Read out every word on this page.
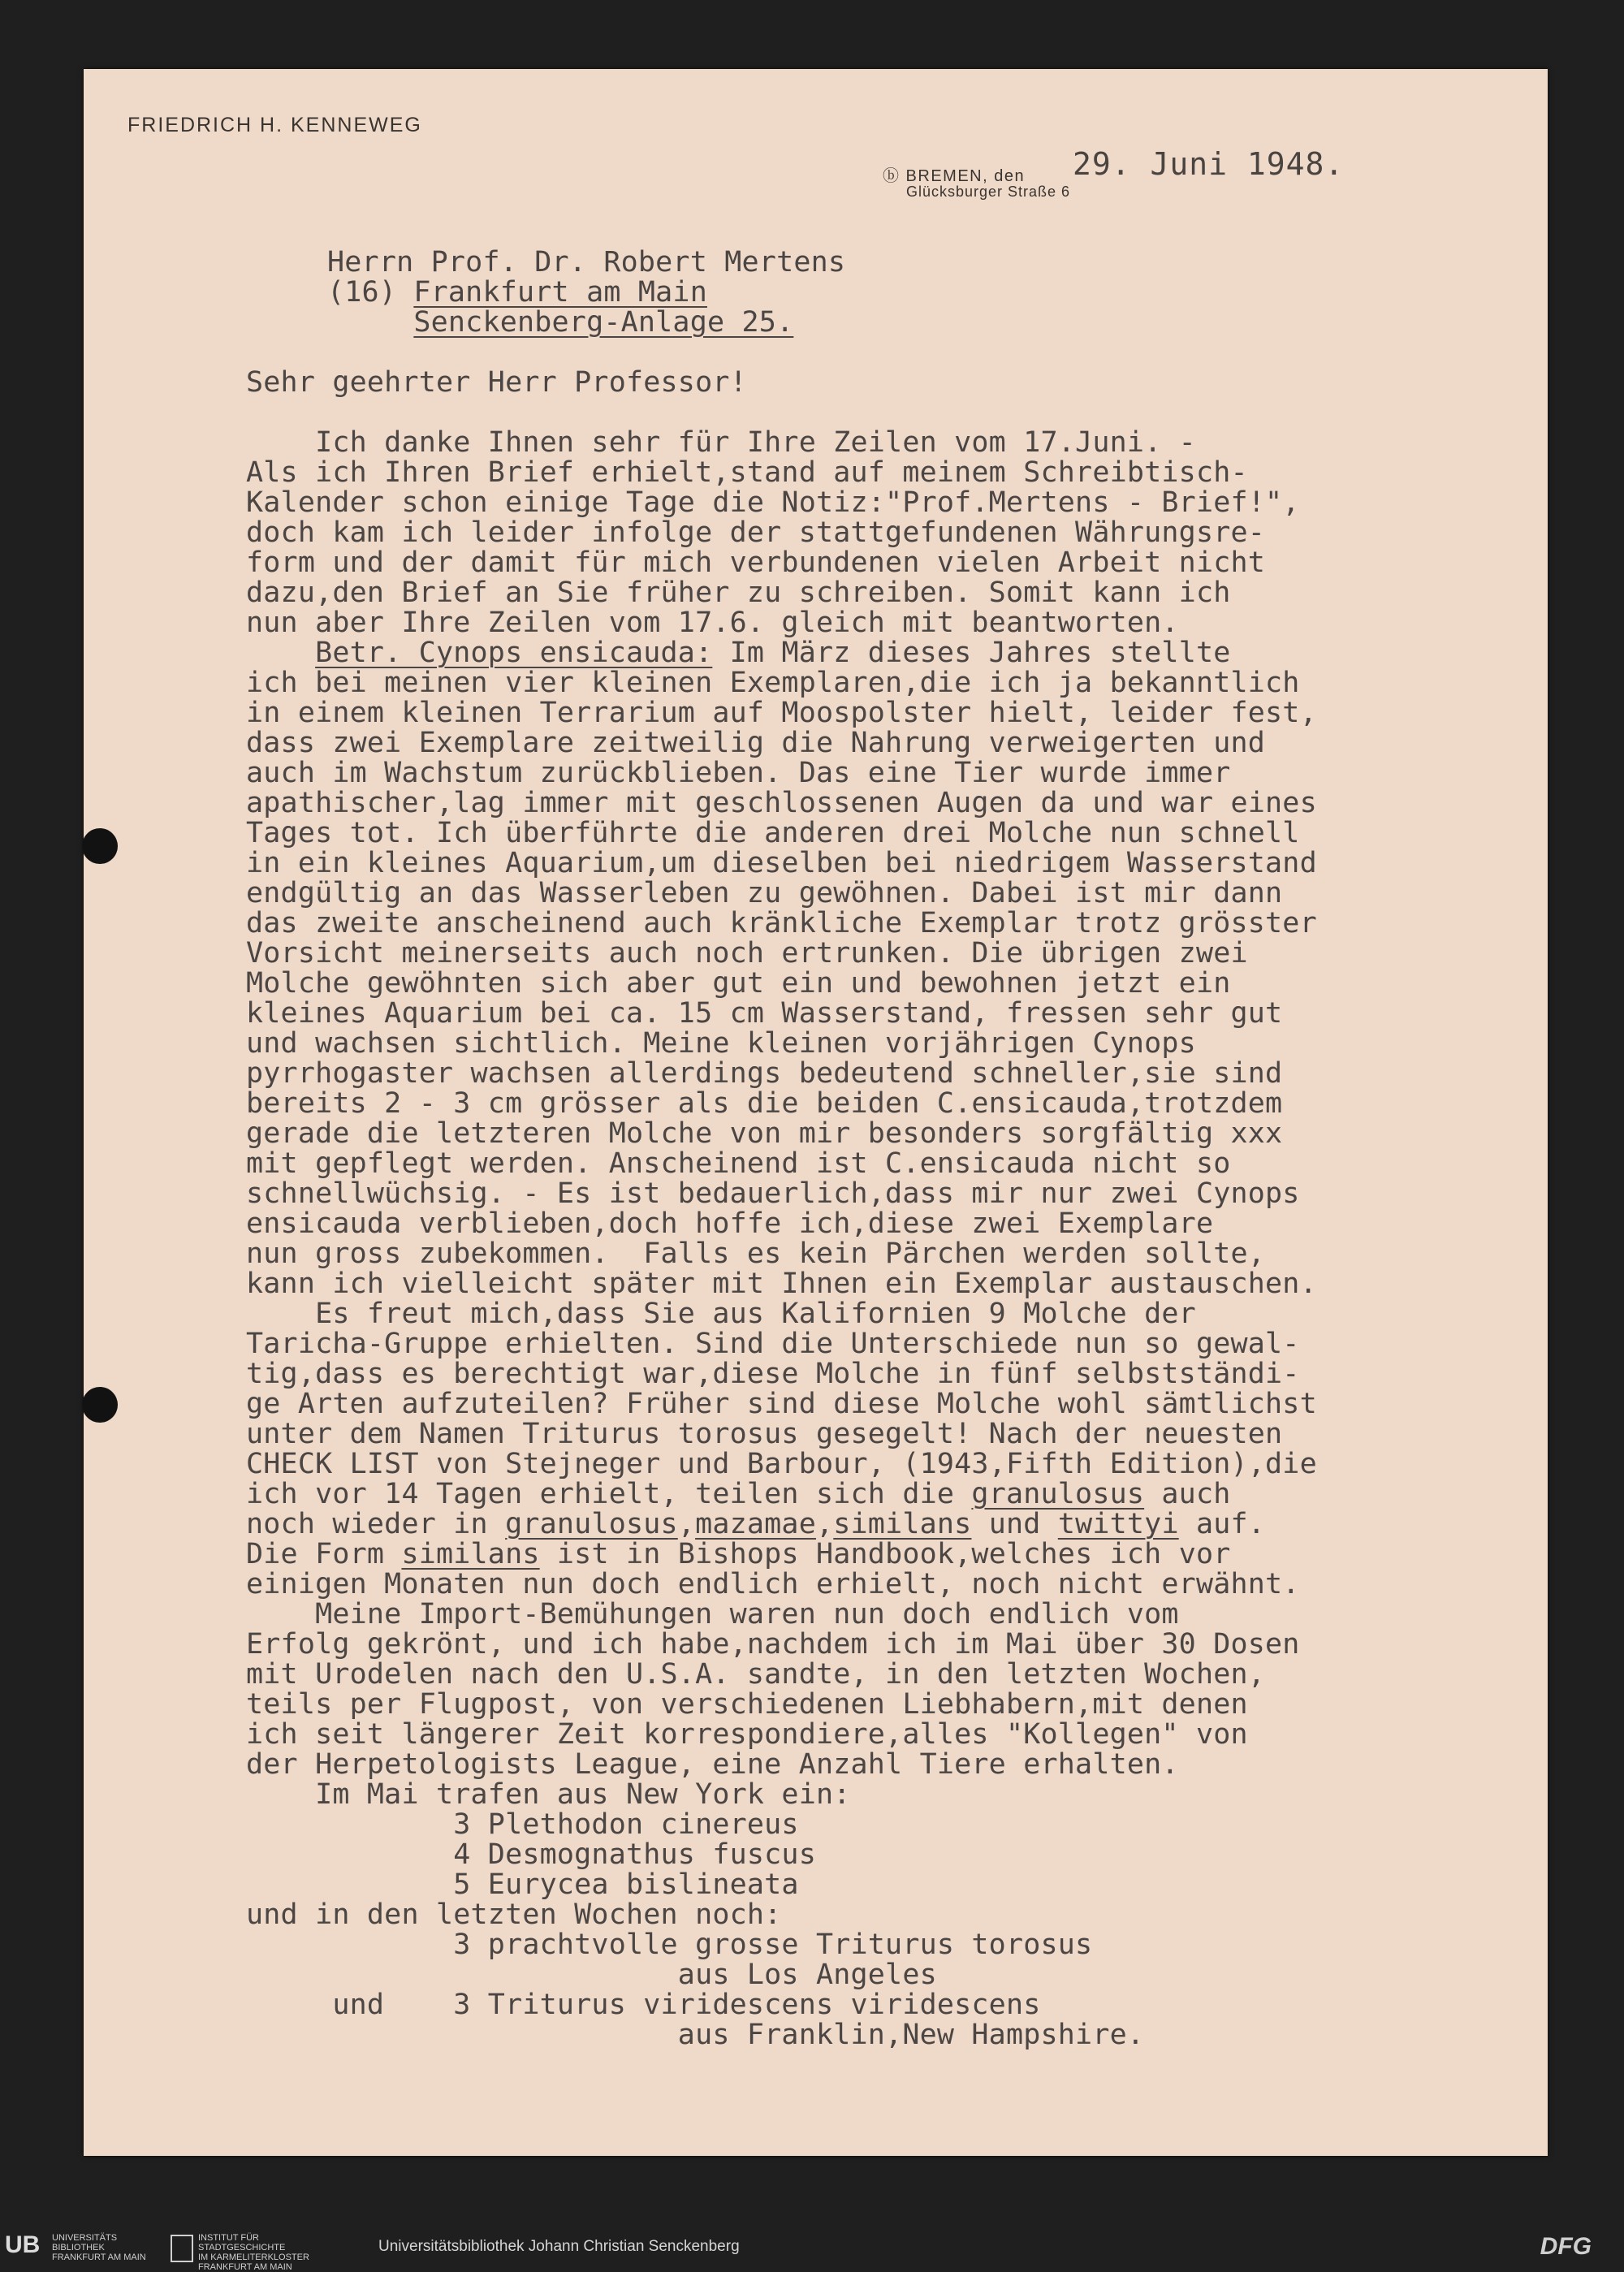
FRIEDRICH H. KENNEWEG
ⓑ BREMEN, den
Glücksburger Straße 6
29. Juni 1948.
Herrn Prof. Dr. Robert Mertens
(16) Frankfurt am Main
Senckenberg-Anlage 25.
Sehr geehrter Herr Professor!
Ich danke Ihnen sehr für Ihre Zeilen vom 17.Juni. -
Als ich Ihren Brief erhielt,stand auf meinem Schreibtisch-
Kalender schon einige Tage die Notiz:"Prof.Mertens - Brief!",
doch kam ich leider infolge der stattgefundenen Währungsre-
form und der damit für mich verbundenen vielen Arbeit nicht
dazu,den Brief an Sie früher zu schreiben. Somit kann ich
nun aber Ihre Zeilen vom 17.6. gleich mit beantworten.
Betr. Cynops ensicauda: Im März dieses Jahres stellte
ich bei meinen vier kleinen Exemplaren,die ich ja bekanntlich
in einem kleinen Terrarium auf Moospolster hielt, leider fest,
dass zwei Exemplare zeitweilig die Nahrung verweigerten und
auch im Wachstum zurückblieben. Das eine Tier wurde immer
apathischer,lag immer mit geschlossenen Augen da und war eines
Tages tot. Ich überführte die anderen drei Molche nun schnell
in ein kleines Aquarium,um dieselben bei niedrigem Wasserstand
endgültig an das Wasserleben zu gewöhnen. Dabei ist mir dann
das zweite anscheinend auch kränkliche Exemplar trotz grösster
Vorsicht meinerseits auch noch ertrunken. Die übrigen zwei
Molche gewöhnten sich aber gut ein und bewohnen jetzt ein
kleines Aquarium bei ca. 15 cm Wasserstand, fressen sehr gut
und wachsen sichtlich. Meine kleinen vorjährigen Cynops
pyrrhogaster wachsen allerdings bedeutend schneller,sie sind
bereits 2 - 3 cm grösser als die beiden C.ensicauda,trotzdem
gerade die letzteren Molche von mir besonders sorgfältig xxx
mit gepflegt werden. Anscheinend ist C.ensicauda nicht so
schnellwüchsig. - Es ist bedauerlich,dass mir nur zwei Cynops
ensicauda verblieben,doch hoffe ich,diese zwei Exemplare
nun gross zubekommen.  Falls es kein Pärchen werden sollte,
kann ich vielleicht später mit Ihnen ein Exemplar austauschen.
Es freut mich,dass Sie aus Kalifornien 9 Molche der
Taricha-Gruppe erhielten. Sind die Unterschiede nun so gewal-
tig,dass es berechtigt war,diese Molche in fünf selbstständi-
ge Arten aufzuteilen? Früher sind diese Molche wohl sämtlichst
unter dem Namen Triturus torosus gesegelt! Nach der neuesten
CHECK LIST von Stejneger und Barbour, (1943,Fifth Edition),die
ich vor 14 Tagen erhielt, teilen sich die granulosus auch
noch wieder in granulosus,mazamae,similans und twittyi auf.
Die Form similans ist in Bishops Handbook,welches ich vor
einigen Monaten nun doch endlich erhielt, noch nicht erwähnt.
Meine Import-Bemühungen waren nun doch endlich vom
Erfolg gekrönt, und ich habe,nachdem ich im Mai über 30 Dosen
mit Urodelen nach den U.S.A. sandte, in den letzten Wochen,
teils per Flugpost, von verschiedenen Liebhabern,mit denen
ich seit längerer Zeit korrespondiere,alles "Kollegen" von
der Herpetologists League, eine Anzahl Tiere erhalten.
Im Mai trafen aus New York ein:
3 Plethodon cinereus
4 Desmognathus fuscus
5 Eurycea bislineata
und in den letzten Wochen noch:
3 prachtvolle grosse Triturus torosus
aus Los Angeles
und    3 Triturus viridescens viridescens
aus Franklin,New Hampshire.
UB UNIVERSITÄTS
BIBLIOTHEK
FRANKFURT AM MAIN
INSTITUT FÜR
STADTGESCHICHTE
IM KARMELITERKLOSTER
FRANKFURT AM MAIN
Universitätsbibliothek Johann Christian Senckenberg	DFG
